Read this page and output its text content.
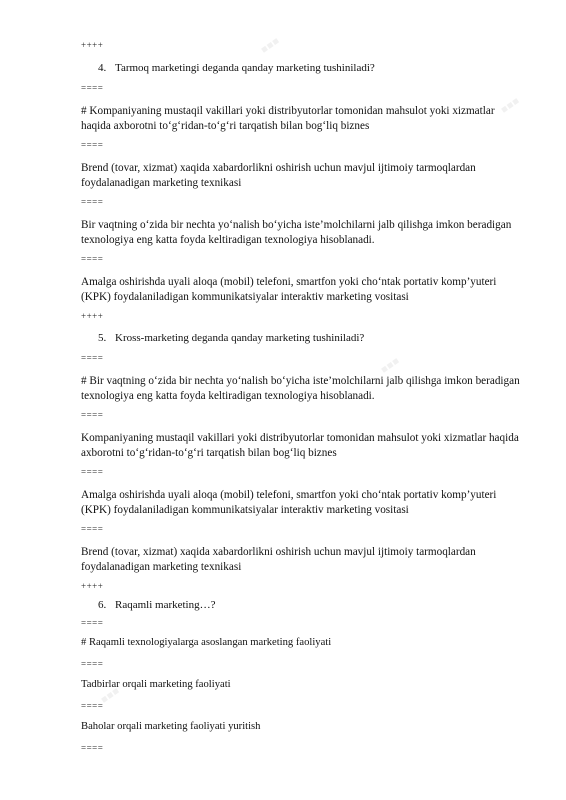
++++
4. Tarmoq marketingi deganda qanday marketing tushiniladi?
====
# Kompaniyaning mustaqil vakillari yoki distribyutorlar tomonidan mahsulot yoki xizmatlar haqida axborotni to‘g‘ridan-to‘g‘ri tarqatish bilan bog‘liq biznes
====
Brend (tovar, xizmat) xaqida xabardorlikni oshirish uchun mavjul ijtimoiy tarmoqlardan foydalanadigan marketing texnikasi
====
Bir vaqtning o‘zida bir nechta yo‘nalish bo‘yicha iste’molchilarni jalb qilishga imkon beradigan texnologiya eng katta foyda keltiradigan texnologiya hisoblanadi.
====
Amalga oshirishda uyali aloqa (mobil) telefoni, smartfon yoki cho‘ntak portativ komp’yuteri (KPK) foydalaniladigan kommunikatsiyalar interaktiv marketing vositasi
++++
5. Kross-marketing deganda qanday marketing tushiniladi?
====
# Bir vaqtning o‘zida bir nechta yo‘nalish bo‘yicha iste’molchilarni jalb qilishga imkon beradigan texnologiya eng katta foyda keltiradigan texnologiya hisoblanadi.
====
Kompaniyaning mustaqil vakillari yoki distribyutorlar tomonidan mahsulot yoki xizmatlar haqida axborotni to‘g‘ridan-to‘g‘ri tarqatish bilan bog‘liq biznes
====
Amalga oshirishda uyali aloqa (mobil) telefoni, smartfon yoki cho‘ntak portativ komp’yuteri (KPK) foydalaniladigan kommunikatsiyalar interaktiv marketing vositasi
====
Brend (tovar, xizmat) xaqida xabardorlikni oshirish uchun mavjul ijtimoiy tarmoqlardan foydalanadigan marketing texnikasi
++++
6. Raqamli marketing…?
====
# Raqamli texnologiyalarga asoslangan marketing faoliyati
====
Tadbirlar orqali marketing faoliyati
====
Baholar orqali marketing faoliyati yuritish
====
▪▪▪
▪▪▪
▪▪▪
▪▪▪
